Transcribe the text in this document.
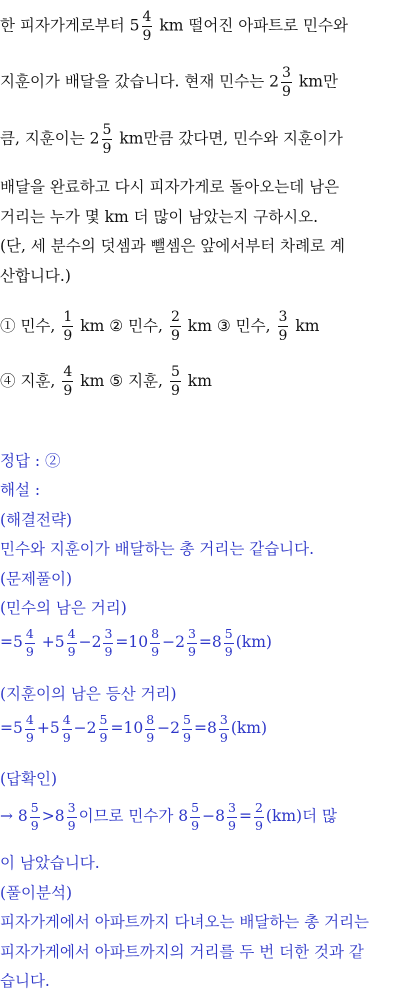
한 피자가게로부터 $5 \frac{4}{9}$ km 떨어진 아파트로 민수와
지훈이가 배달을 갔습니다. 현재 민수는 $2 \frac{3}{9}$ km만
큼, 지훈이는 $2 \frac{5}{9}$ km만큼 갔다면, 민수와 지훈이가
배달을 완료하고 다시 피자가게로 돌아오는데 남은
거리는 누가 몇 km 더 많이 남았는지 구하시오.
(단, 세 분수의 덧셈과 뺄셈은 앞에서부터 차례로 계
산합니다.)
① 민수, $\frac{1}{9}$ km ② 민수, $\frac{2}{9}$ km ③ 민수, $\frac{3}{9}$ km
④ 지훈, $\frac{4}{9}$ km ⑤ 지훈, $\frac{5}{9}$ km
정답 : ②
해설 :
(해결전략)
민수와 지훈이가 배달하는 총 거리는 같습니다.
(문제풀이)
(민수의 남은 거리)
$=5 \frac{4}{9} +5 \frac{4}{9} -2 \frac{3}{9} =10 \frac{8}{9} -2 \frac{3}{9} =8 \frac{5}{9} (km)$
(지훈이의 남은 등산 거리)
$=5 \frac{4}{9} +5 \frac{4}{9} -2 \frac{5}{9} =10 \frac{8}{9} -2 \frac{5}{9} =8 \frac{3}{9} (km)$
(답확인)
→ $8 \frac{5}{9} >8 \frac{3}{9}$ 이므로 민수가 $8 \frac{5}{9} -8 \frac{3}{9} = \frac{2}{9} (km)$더 많
이 남았습니다.
(풀이분석)
피자가게에서 아파트까지 다녀오는 배달하는 총 거리는
피자가게에서 아파트까지의 거리를 두 번 더한 것과 같
습니다.
